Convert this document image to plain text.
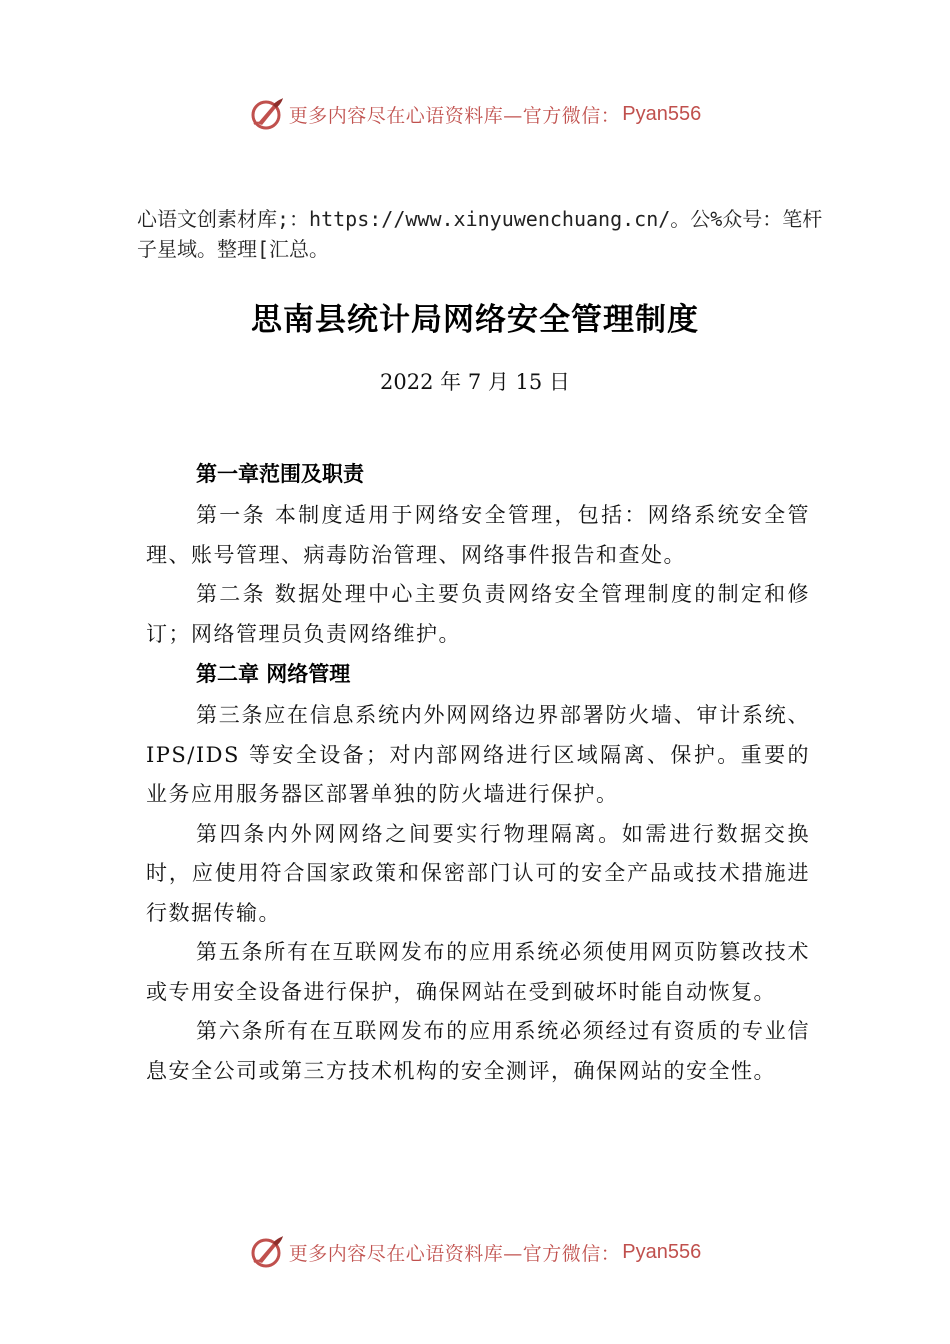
更多内容尽在心语资料库—官方微信： Pyan556
心语文创素材库;：https://www.xinyuwenchuang.cn/。公%众号：笔杆子星域。整理[汇总。
思南县统计局网络安全管理制度
2022 年 7 月 15 日
第一章范围及职责

第一条 本制度适用于网络安全管理，包括：网络系统安全管理、账号管理、病毒防治管理、网络事件报告和查处。

第二条 数据处理中心主要负责网络安全管理制度的制定和修订；网络管理员负责网络维护。

第二章 网络管理

第三条应在信息系统内外网网络边界部署防火墙、审计系统、IPS/IDS 等安全设备；对内部网络进行区域隔离、保护。重要的业务应用服务器区部署单独的防火墙进行保护。

第四条内外网网络之间要实行物理隔离。如需进行数据交换时，应使用符合国家政策和保密部门认可的安全产品或技术措施进行数据传输。

第五条所有在互联网发布的应用系统必须使用网页防篡改技术或专用安全设备进行保护，确保网站在受到破坏时能自动恢复。

第六条所有在互联网发布的应用系统必须经过有资质的专业信息安全公司或第三方技术机构的安全测评，确保网站的安全性。

更多内容尽在心语资料库—官方微信： Pyan556
